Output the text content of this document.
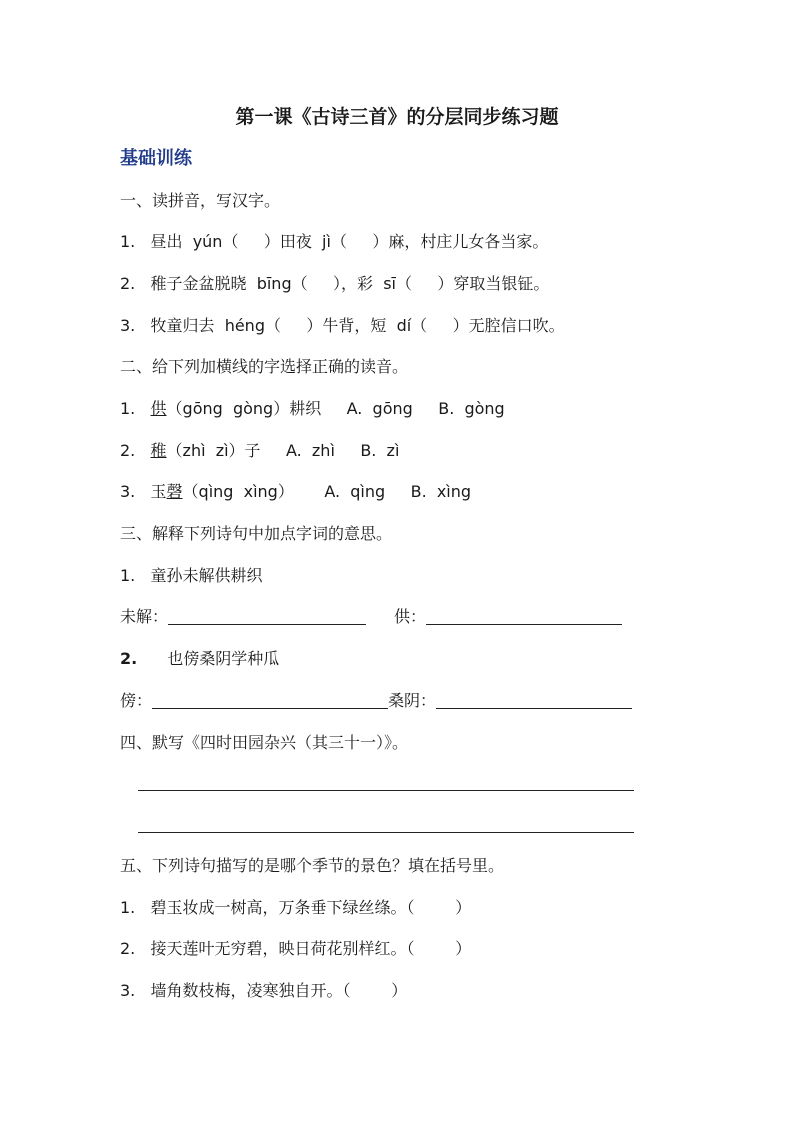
第一课《古诗三首》的分层同步练习题
基础训练
一、读拼音，写汉字。
1.   昼出  yún（     ）田夜  jì（     ）麻，村庄儿女各当家。
2.   稚子金盆脱晓  bīng（     ），彩  sī（     ）穿取当银钲。
3.   牧童归去  héng（     ）牛背，短  dí（     ）无腔信口吹。
二、给下列加横线的字选择正确的读音。
1.   供（gōng  gòng）耕织     A.  gōng     B.  gòng
2.   稚（zhì  zì）子     A.  zhì     B.  zì
3.   玉磬（qìng  xìng）      A.  qìng     B.  xìng
三、解释下列诗句中加点字词的意思。
1.   童孙未解供耕织
未解：	供：
2. 也傍桑阴学种瓜
傍：	桑阴：
四、默写《四时田园杂兴（其三十一）》。
五、下列诗句描写的是哪个季节的景色？填在括号里。
1.   碧玉妆成一树高，万条垂下绿丝绦。（        ）
2.   接天莲叶无穷碧，映日荷花别样红。（        ）
3.   墙角数枝梅，凌寒独自开。（        ）
